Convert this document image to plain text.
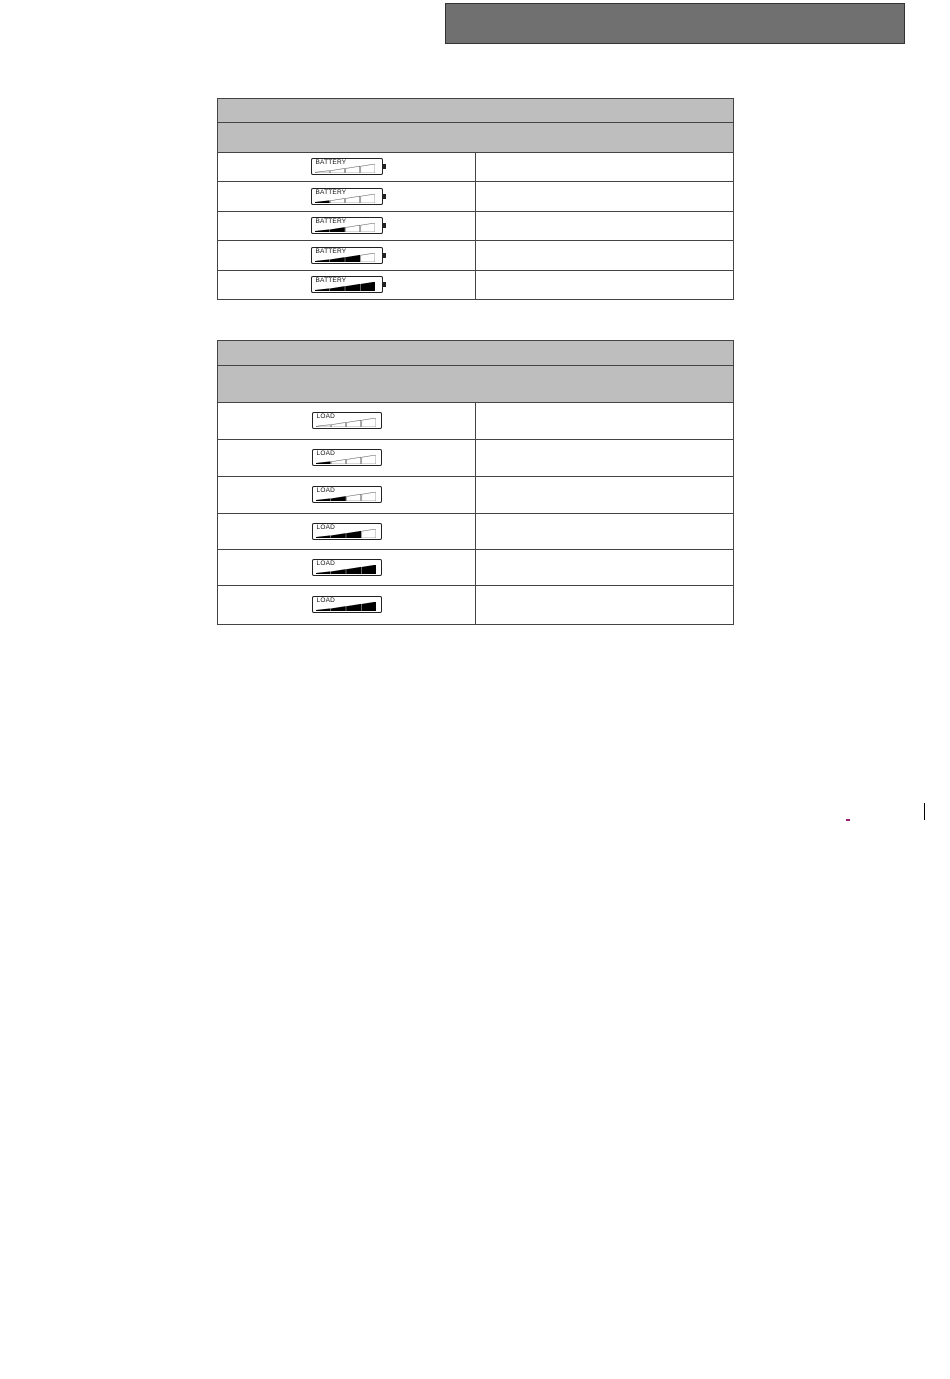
BATTERY	

BATTERY	

BATTERY	

BATTERY	

BATTERY	

LOAD	

LOAD	

LOAD	

LOAD	

LOAD	

LOAD	
